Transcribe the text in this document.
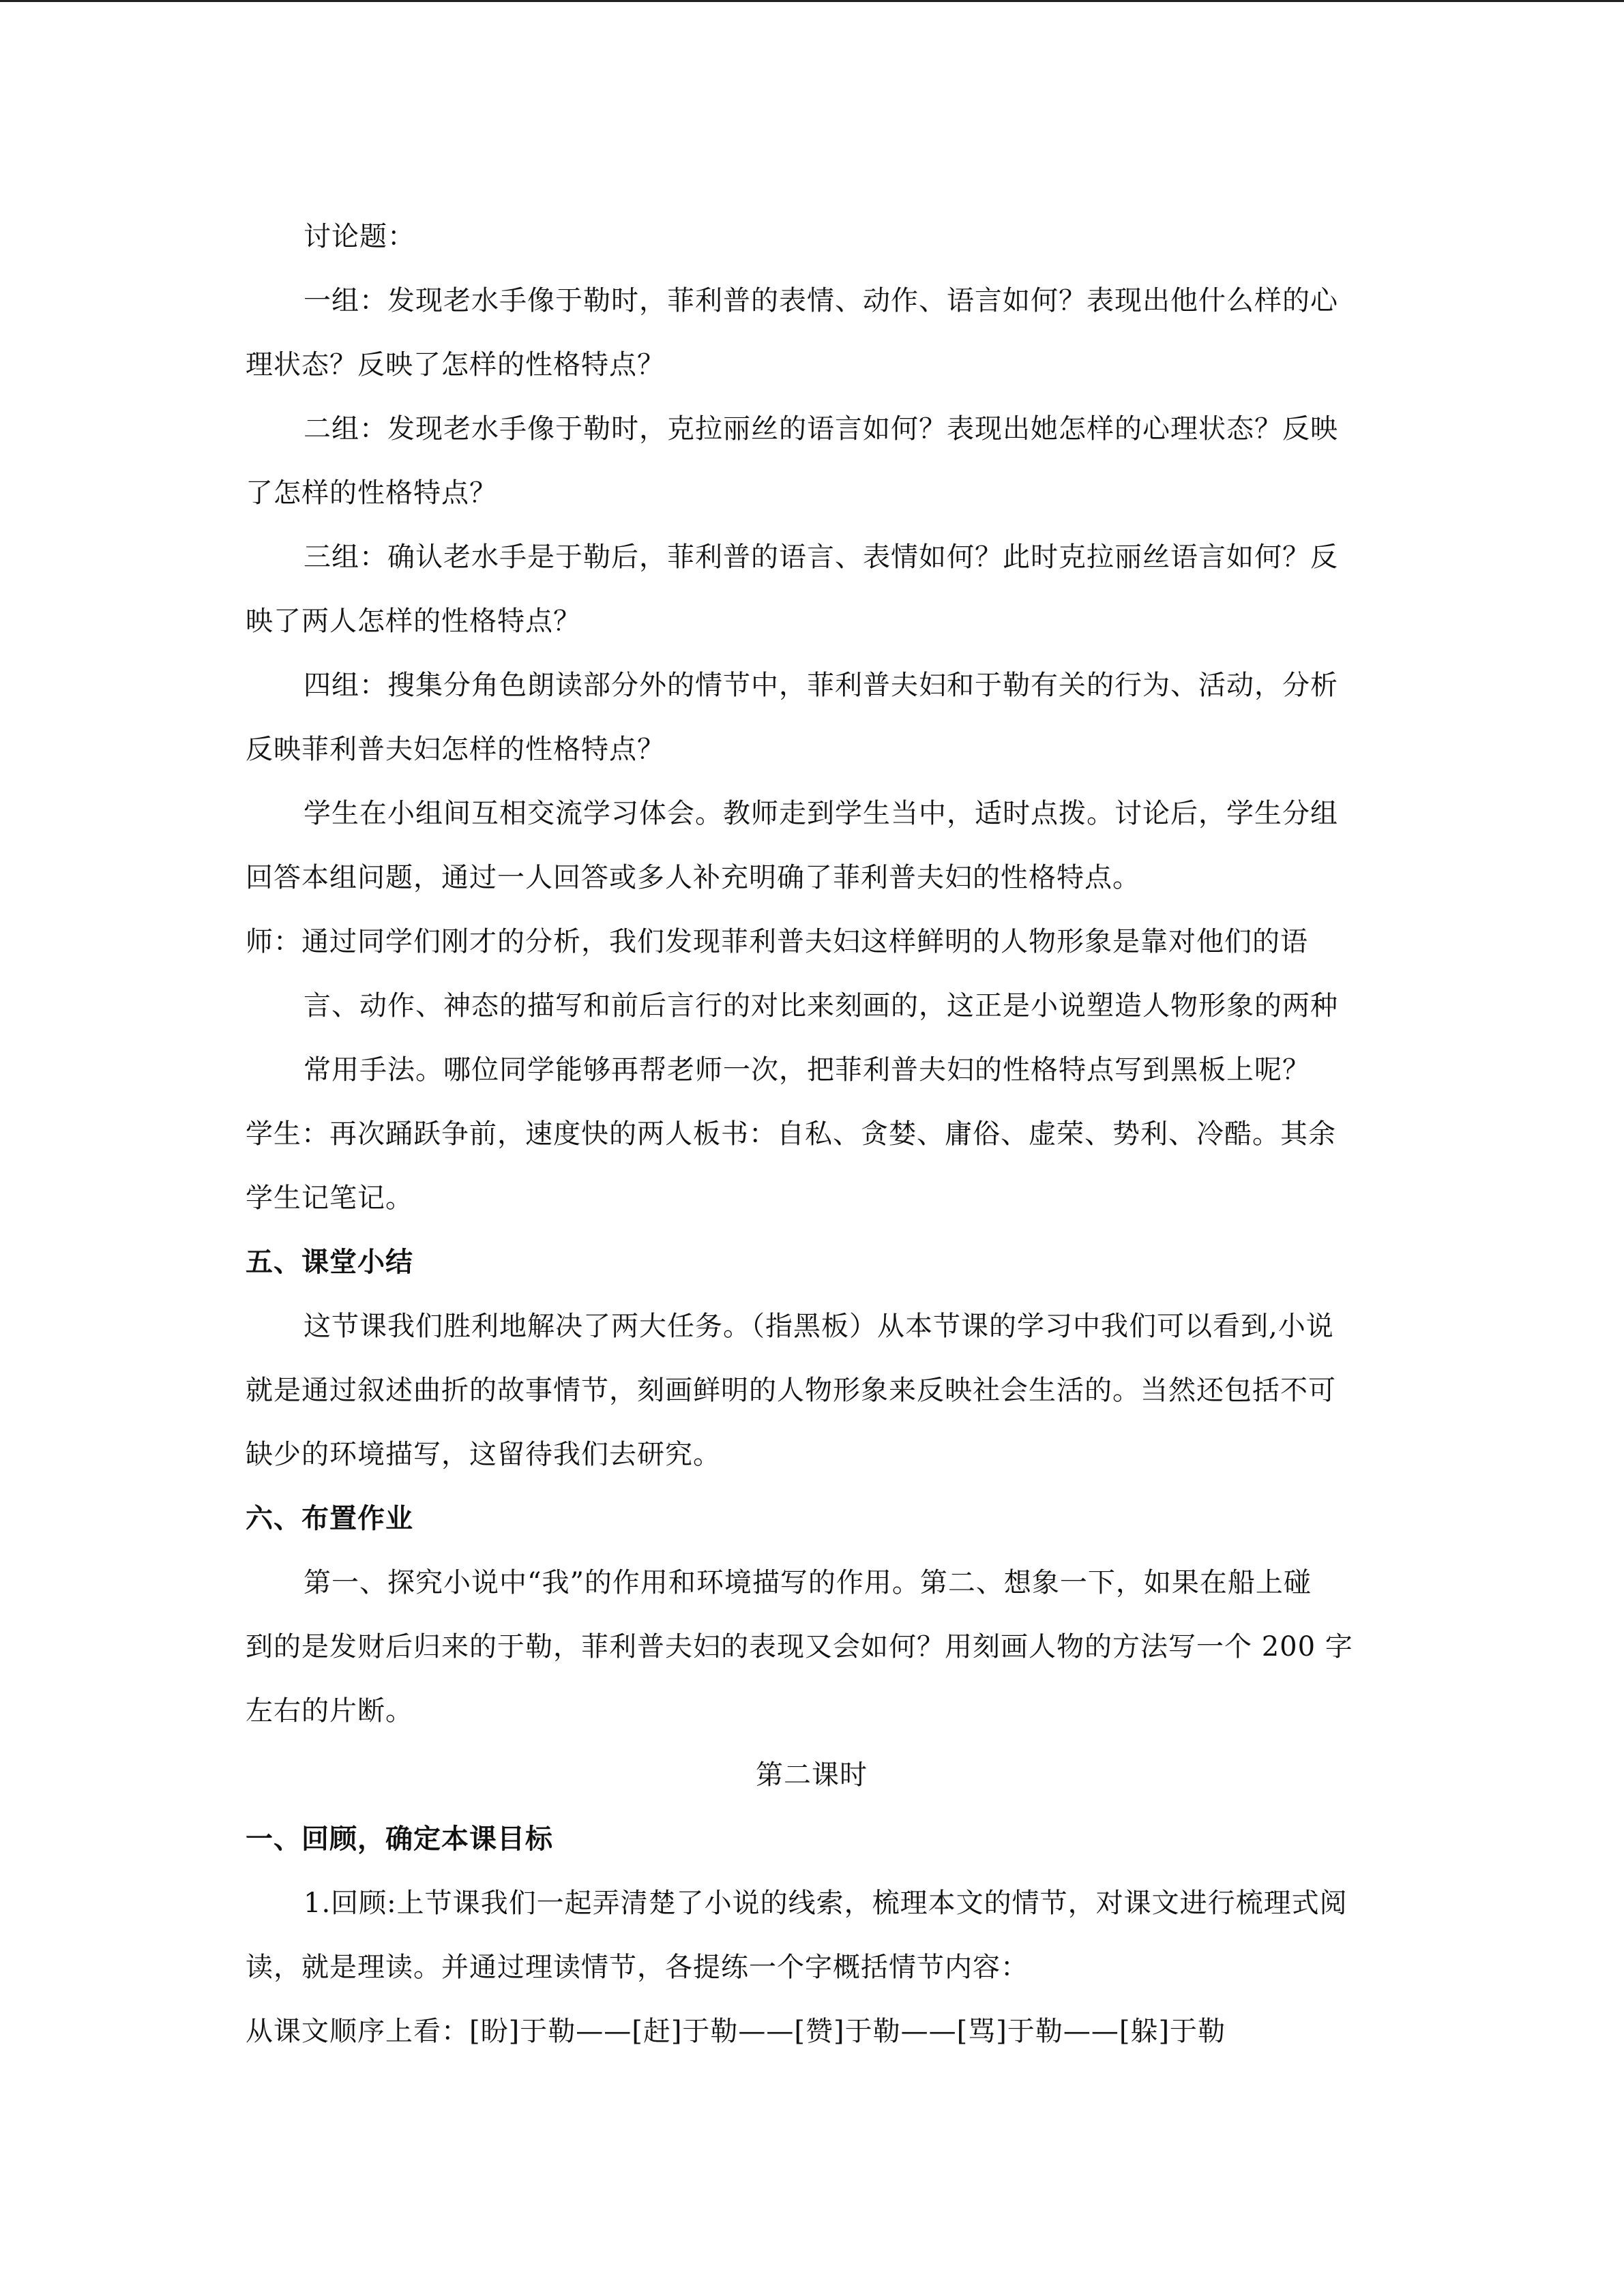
讨论题：

一组：发现老水手像于勒时，菲利普的表情、动作、语言如何？表现出他什么样的心

理状态？反映了怎样的性格特点？

二组：发现老水手像于勒时，克拉丽丝的语言如何？表现出她怎样的心理状态？反映

了怎样的性格特点？

三组：确认老水手是于勒后，菲利普的语言、表情如何？此时克拉丽丝语言如何？反

映了两人怎样的性格特点？

四组：搜集分角色朗读部分外的情节中，菲利普夫妇和于勒有关的行为、活动，分析

反映菲利普夫妇怎样的性格特点？

学生在小组间互相交流学习体会。教师走到学生当中，适时点拨。讨论后，学生分组

回答本组问题，通过一人回答或多人补充明确了菲利普夫妇的性格特点。

师：通过同学们刚才的分析，我们发现菲利普夫妇这样鲜明的人物形象是靠对他们的语

言、动作、神态的描写和前后言行的对比来刻画的，这正是小说塑造人物形象的两种

常用手法。哪位同学能够再帮老师一次，把菲利普夫妇的性格特点写到黑板上呢？

学生：再次踊跃争前，速度快的两人板书：自私、贪婪、庸俗、虚荣、势利、冷酷。其余

学生记笔记。

五、课堂小结

这节课我们胜利地解决了两大任务。（指黑板）从本节课的学习中我们可以看到,小说

就是通过叙述曲折的故事情节，刻画鲜明的人物形象来反映社会生活的。当然还包括不可

缺少的环境描写，这留待我们去研究。

六、布置作业

第一、探究小说中“我”的作用和环境描写的作用。第二、想象一下，如果在船上碰

到的是发财后归来的于勒，菲利普夫妇的表现又会如何？用刻画人物的方法写一个 200 字

左右的片断。

第二课时

一、回顾，确定本课目标

1.回顾:上节课我们一起弄清楚了小说的线索，梳理本文的情节，对课文进行梳理式阅

读，就是理读。并通过理读情节，各提练一个字概括情节内容：

从课文顺序上看：[盼]于勒——[赶]于勒——[赞]于勒——[骂]于勒——[躲]于勒
